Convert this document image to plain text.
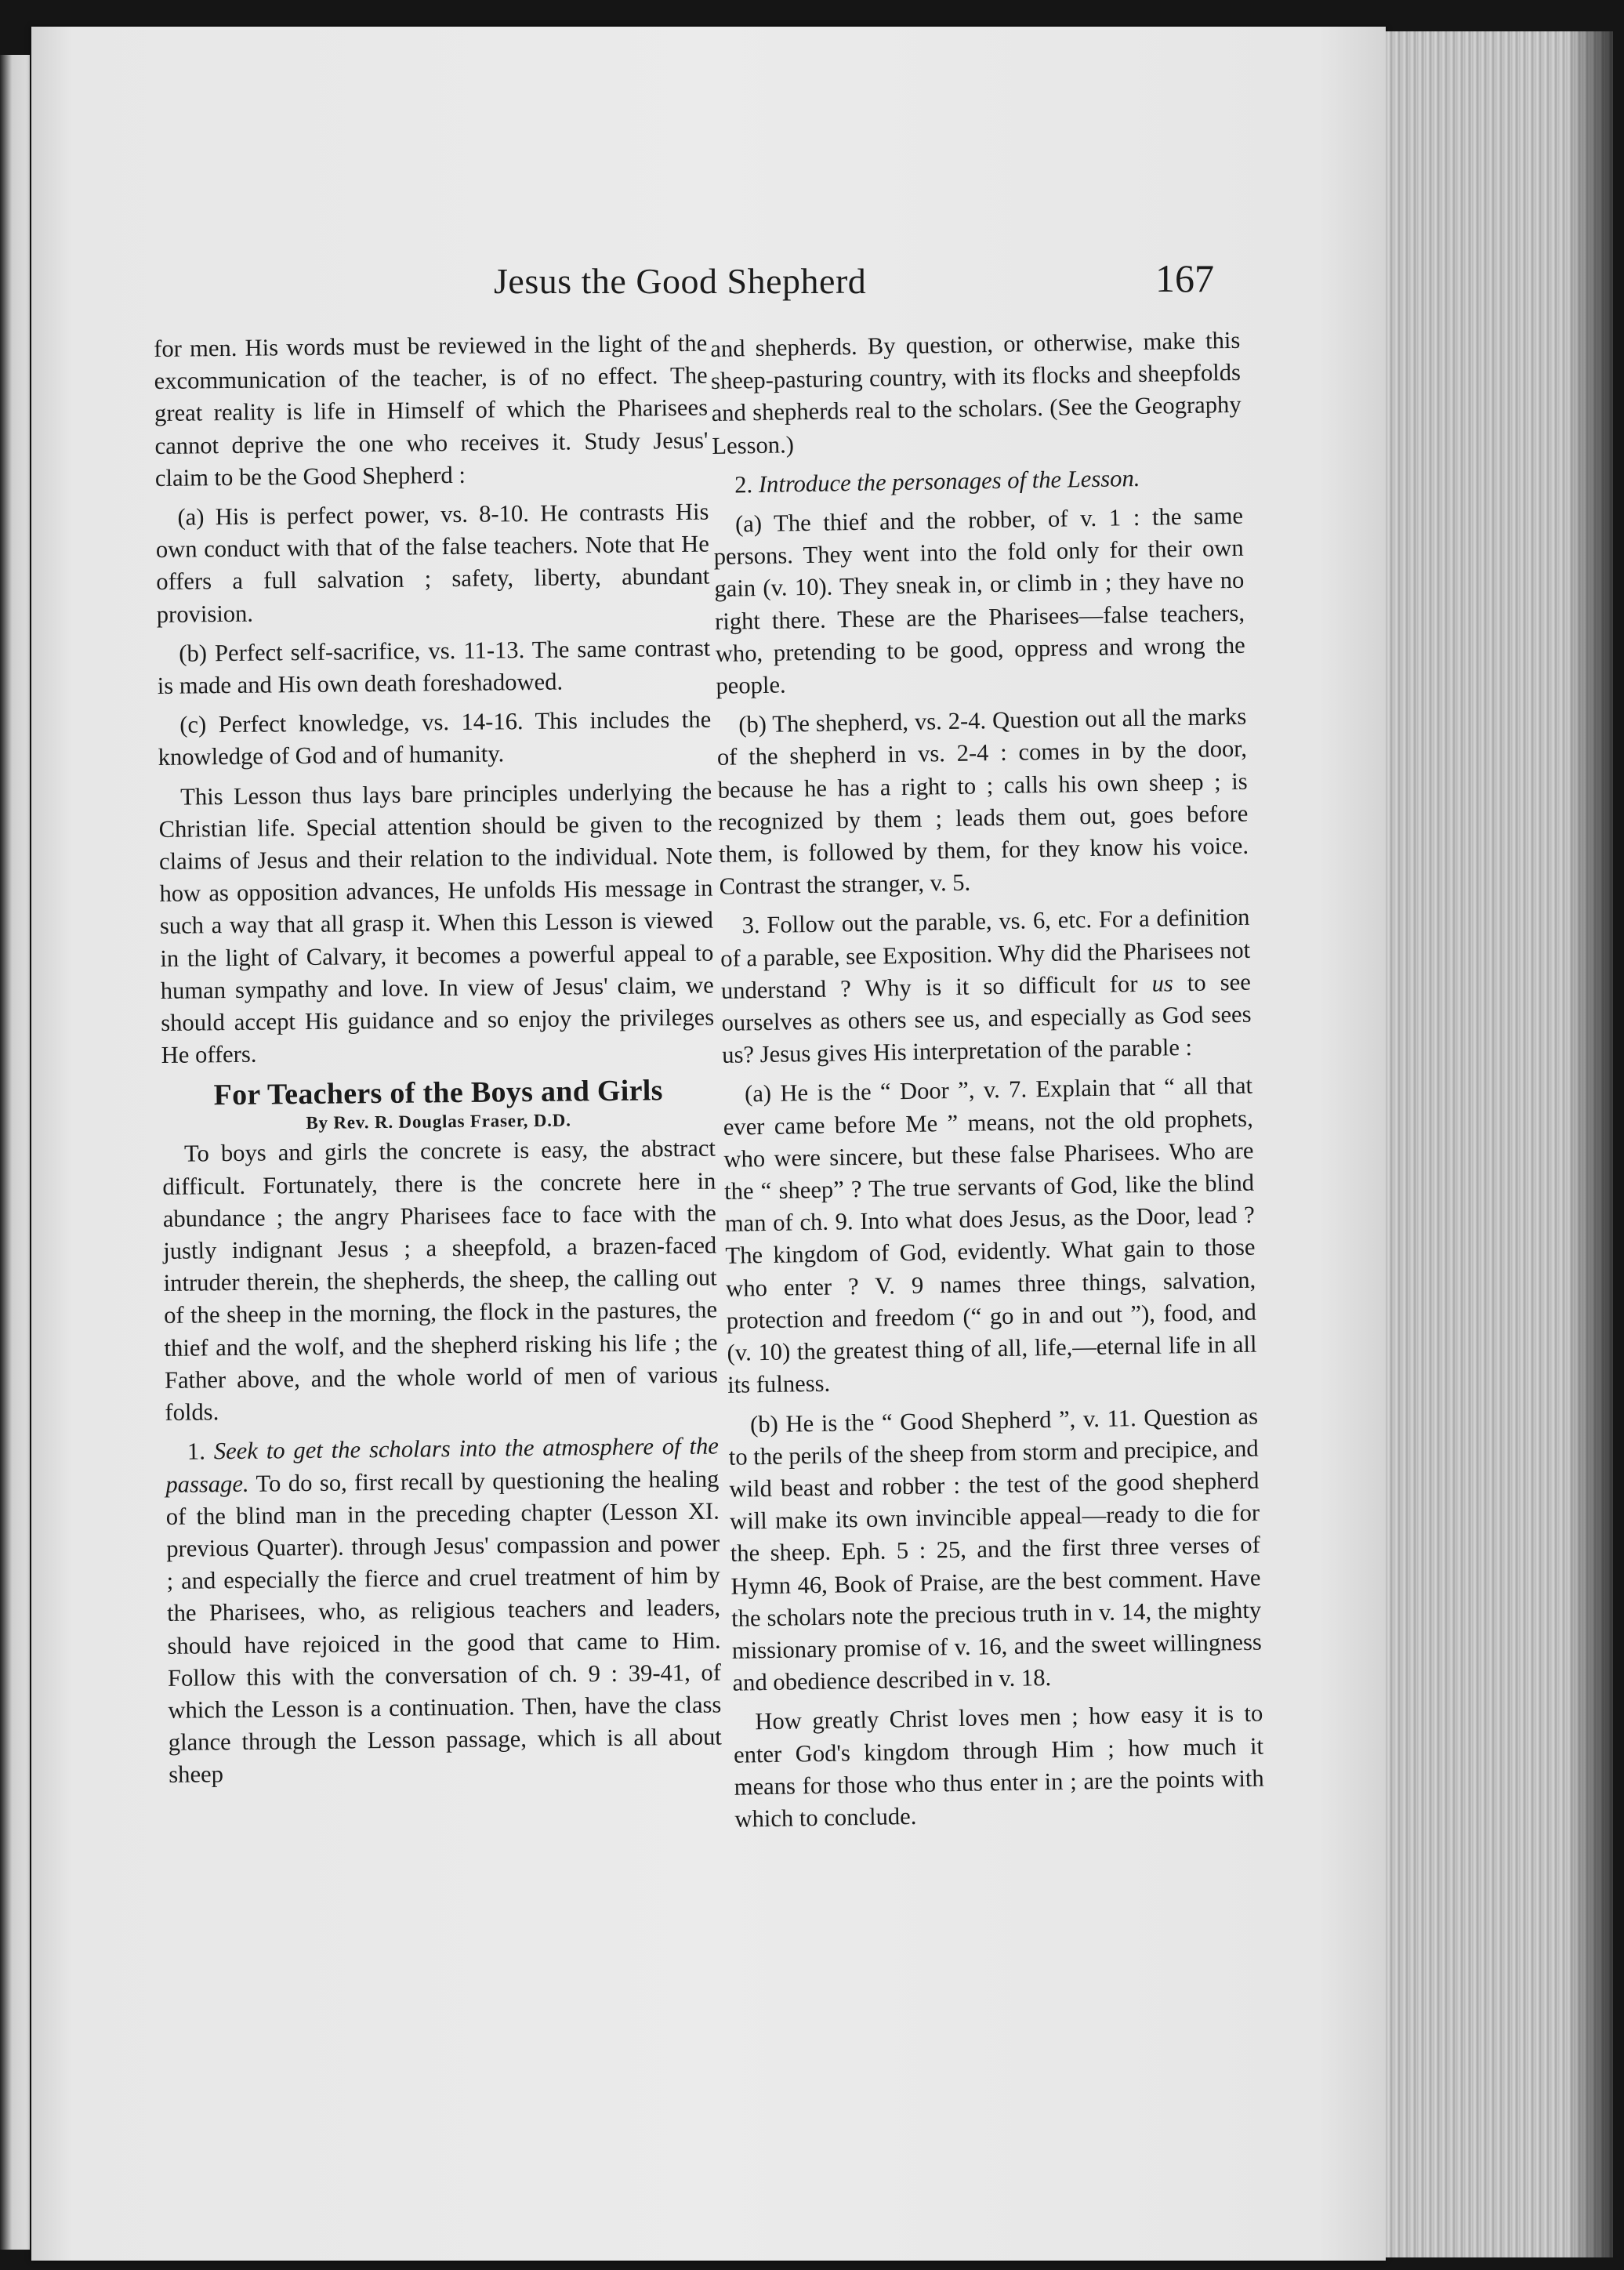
Jesus the Good Shepherd	167

for men. His words must be reviewed in the light of the excommunication of the teacher, is of no effect. The great reality is life in Himself of which the Pharisees cannot deprive the one who receives it. Study Jesus' claim to be the Good Shepherd :

(a) His is perfect power, vs. 8-10. He contrasts His own conduct with that of the false teachers. Note that He offers a full salvation ; safety, liberty, abundant provision.

(b) Perfect self-sacrifice, vs. 11-13. The same contrast is made and His own death foreshadowed.

(c) Perfect knowledge, vs. 14-16. This includes the knowledge of God and of humanity.

This Lesson thus lays bare principles underlying the Christian life. Special attention should be given to the claims of Jesus and their relation to the individual. Note how as opposition advances, He unfolds His message in such a way that all grasp it. When this Lesson is viewed in the light of Calvary, it becomes a powerful appeal to human sympathy and love. In view of Jesus' claim, we should accept His guidance and so enjoy the privileges He offers.

For Teachers of the Boys and Girls
By Rev. R. Douglas Fraser, D.D.

To boys and girls the concrete is easy, the abstract difficult. Fortunately, there is the concrete here in abundance ; the angry Pharisees face to face with the justly indignant Jesus ; a sheepfold, a brazen-faced intruder therein, the shepherds, the sheep, the calling out of the sheep in the morning, the flock in the pastures, the thief and the wolf, and the shepherd risking his life ; the Father above, and the whole world of men of various folds.

1. Seek to get the scholars into the atmosphere of the passage. To do so, first recall by questioning the healing of the blind man in the preceding chapter (Lesson XI. previous Quarter). through Jesus' compassion and power ; and especially the fierce and cruel treatment of him by the Pharisees, who, as religious teachers and leaders, should have rejoiced in the good that came to Him. Follow this with the conversation of ch. 9 : 39-41, of which the Lesson is a continuation. Then, have the class glance through the Lesson passage, which is all about sheep

and shepherds. By question, or otherwise, make this sheep-pasturing country, with its flocks and sheepfolds and shepherds real to the scholars. (See the Geography Lesson.)

2. Introduce the personages of the Lesson.

(a) The thief and the robber, of v. 1 : the same persons. They went into the fold only for their own gain (v. 10). They sneak in, or climb in ; they have no right there. These are the Pharisees—false teachers, who, pretending to be good, oppress and wrong the people.

(b) The shepherd, vs. 2-4. Question out all the marks of the shepherd in vs. 2-4 : comes in by the door, because he has a right to ; calls his own sheep ; is recognized by them ; leads them out, goes before them, is followed by them, for they know his voice. Contrast the stranger, v. 5.

3. Follow out the parable, vs. 6, etc. For a definition of a parable, see Exposition. Why did the Pharisees not understand ? Why is it so difficult for us to see ourselves as others see us, and especially as God sees us? Jesus gives His interpretation of the parable :

(a) He is the “ Door ”, v. 7. Explain that “ all that ever came before Me ” means, not the old prophets, who were sincere, but these false Pharisees. Who are the “ sheep” ? The true servants of God, like the blind man of ch. 9. Into what does Jesus, as the Door, lead ? The kingdom of God, evidently. What gain to those who enter ? V. 9 names three things, salvation, protection and freedom (“ go in and out ”), food, and (v. 10) the greatest thing of all, life,—eternal life in all its fulness.

(b) He is the “ Good Shepherd ”, v. 11. Question as to the perils of the sheep from storm and precipice, and wild beast and robber : the test of the good shepherd will make its own invincible appeal—ready to die for the sheep. Eph. 5 : 25, and the first three verses of Hymn 46, Book of Praise, are the best comment. Have the scholars note the precious truth in v. 14, the mighty missionary promise of v. 16, and the sweet willingness and obedience described in v. 18.

How greatly Christ loves men ; how easy it is to enter God's kingdom through Him ; how much it means for those who thus enter in ; are the points with which to conclude.
